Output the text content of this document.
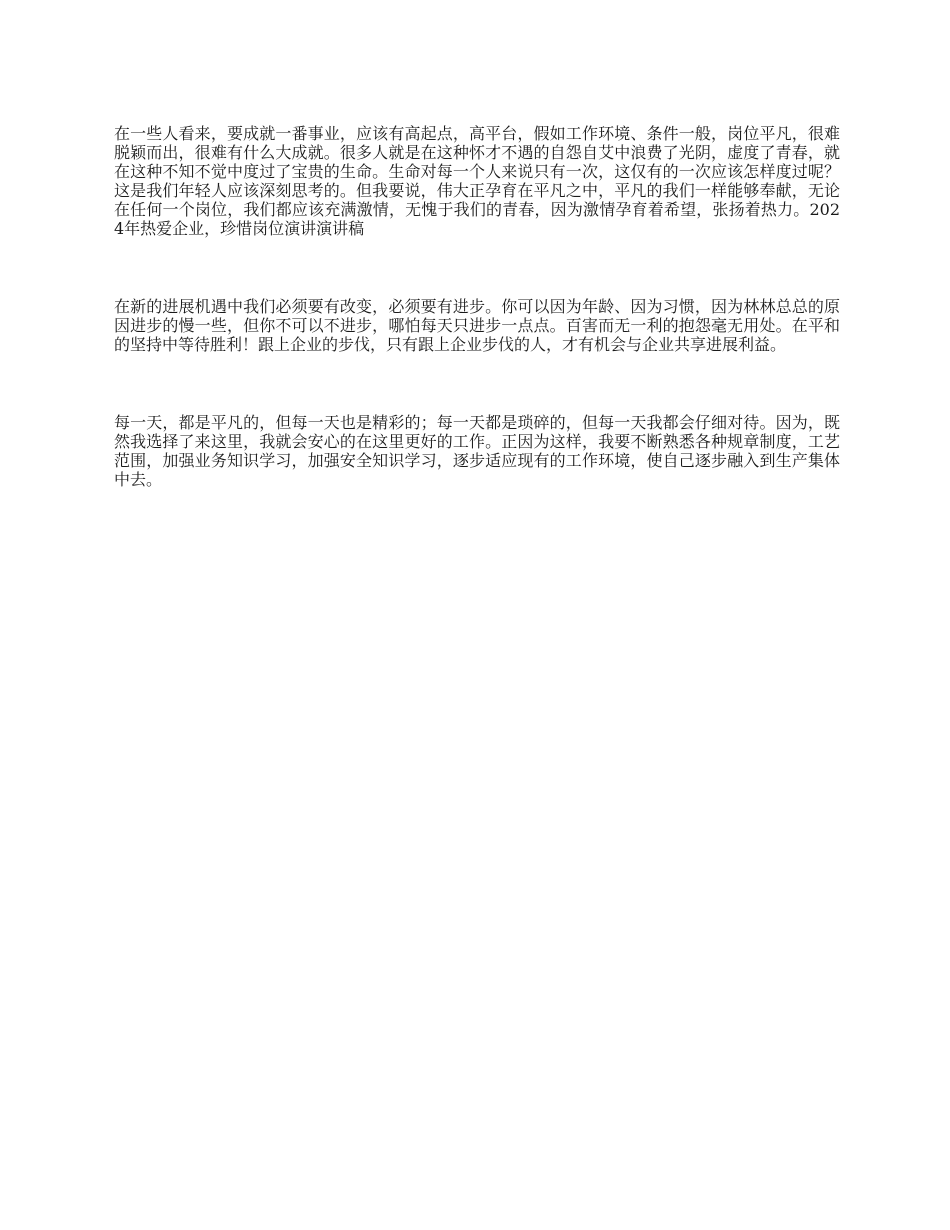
在一些人看来，要成就一番事业，应该有高起点，高平台，假如工作环境、条件一般，岗位平凡，很难脱颖而出，很难有什么大成就。很多人就是在这种怀才不遇的自怨自艾中浪费了光阴，虚度了青春，就在这种不知不觉中度过了宝贵的生命。生命对每一个人来说只有一次，这仅有的一次应该怎样度过呢？这是我们年轻人应该深刻思考的。但我要说，伟大正孕育在平凡之中，平凡的我们一样能够奉献，无论在任何一个岗位，我们都应该充满激情，无愧于我们的青春，因为激情孕育着希望，张扬着热力。2024年热爱企业，珍惜岗位演讲演讲稿

在新的进展机遇中我们必须要有改变，必须要有进步。你可以因为年龄、因为习惯，因为林林总总的原因进步的慢一些，但你不可以不进步，哪怕每天只进步一点点。百害而无一利的抱怨毫无用处。在平和的坚持中等待胜利！跟上企业的步伐，只有跟上企业步伐的人，才有机会与企业共享进展利益。

每一天，都是平凡的，但每一天也是精彩的；每一天都是琐碎的，但每一天我都会仔细对待。因为，既然我选择了来这里，我就会安心的在这里更好的工作。正因为这样，我要不断熟悉各种规章制度，工艺范围，加强业务知识学习，加强安全知识学习，逐步适应现有的工作环境，使自己逐步融入到生产集体中去。
